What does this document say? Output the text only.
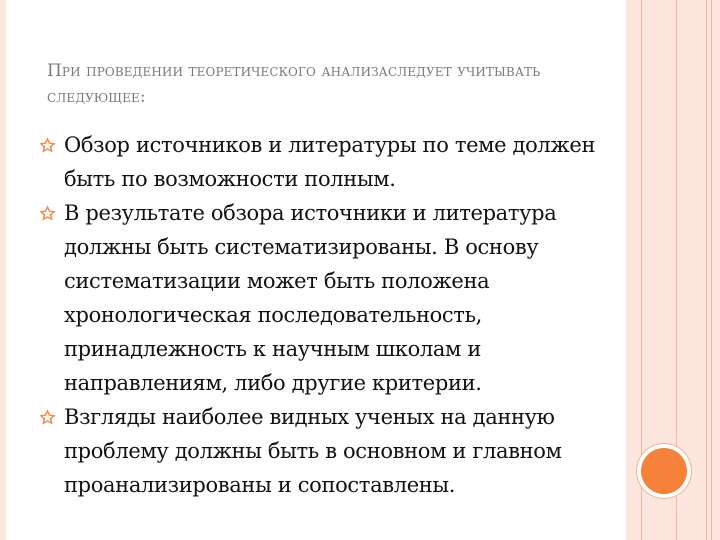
При проведении теоретического анализаследует учитывать следующее:
Обзор источников и литературы по теме должен быть по возможности полным.
В результате обзора источники и литература должны быть систематизированы. В основу систематизации может быть положена хронологическая последовательность, принадлежность к научным школам и направлениям, либо другие критерии.
Взгляды наиболее видных ученых на данную проблему должны быть в основном и главном проанализированы и сопоставлены.
